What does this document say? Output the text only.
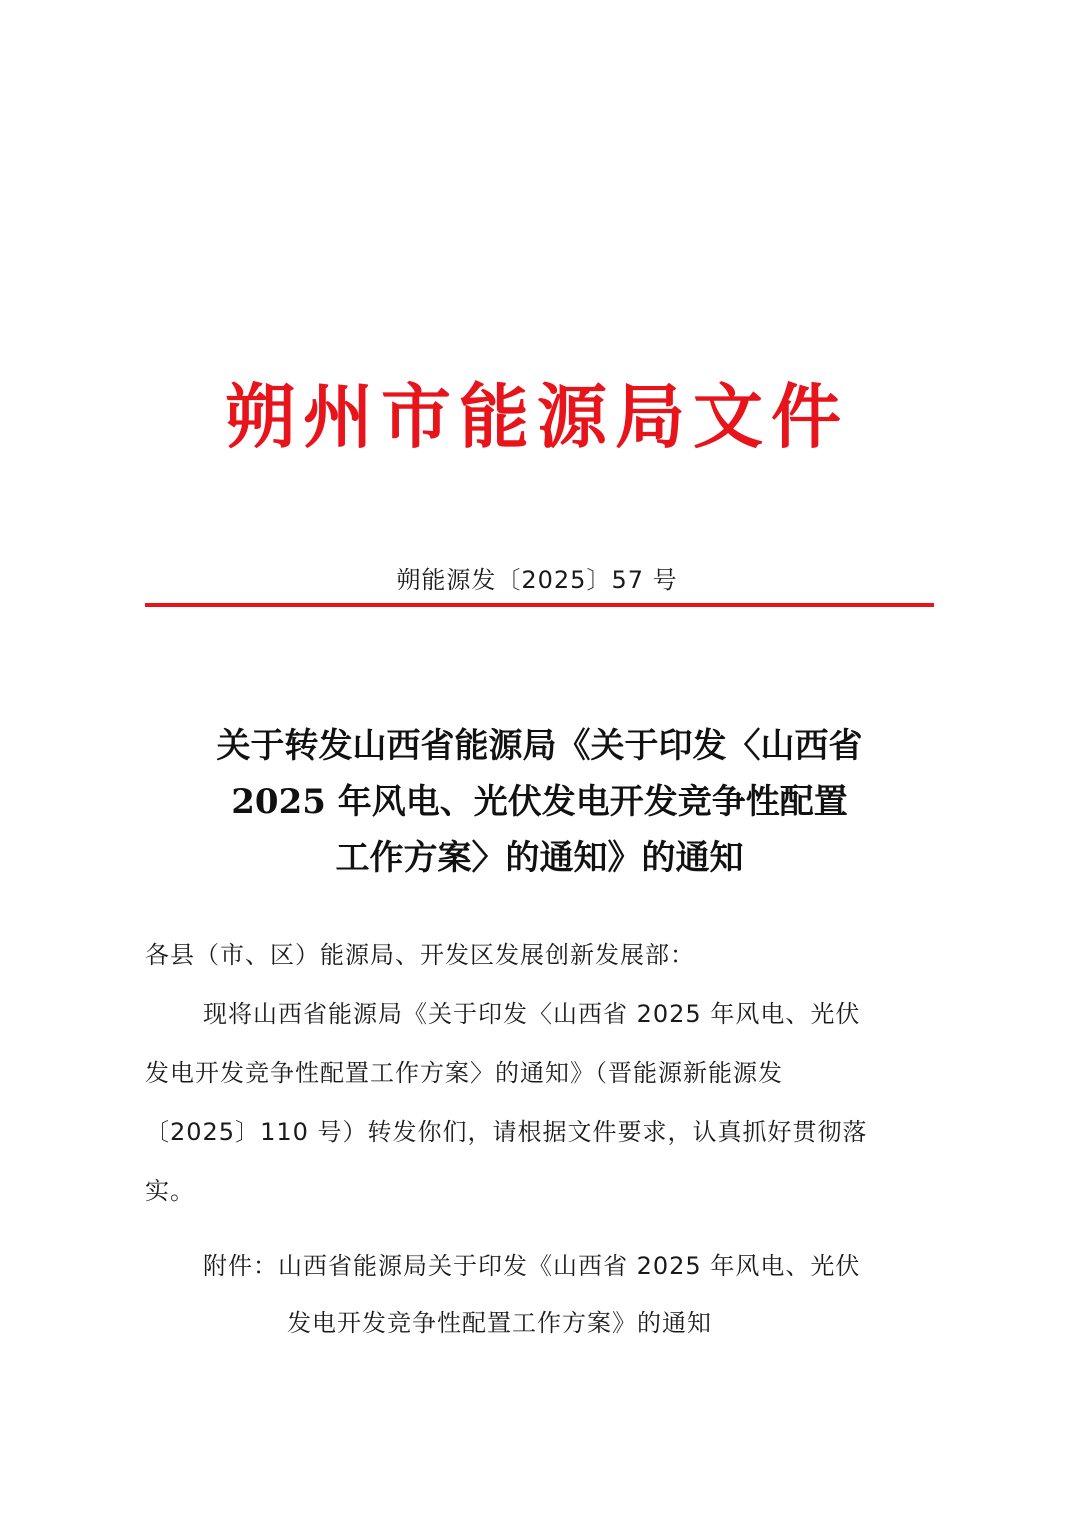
朔州市能源局文件
朔能源发〔2025〕57 号
关于转发山西省能源局《关于印发〈山西省
2025 年风电、光伏发电开发竞争性配置
工作方案〉的通知》的通知
各县（市、区）能源局、开发区发展创新发展部：
现将山西省能源局《关于印发〈山西省 2025 年风电、光伏
发电开发竞争性配置工作方案〉的通知》（晋能源新能源发
〔2025〕110 号）转发你们，请根据文件要求，认真抓好贯彻落
实。
附件：山西省能源局关于印发《山西省 2025 年风电、光伏
发电开发竞争性配置工作方案》的通知
